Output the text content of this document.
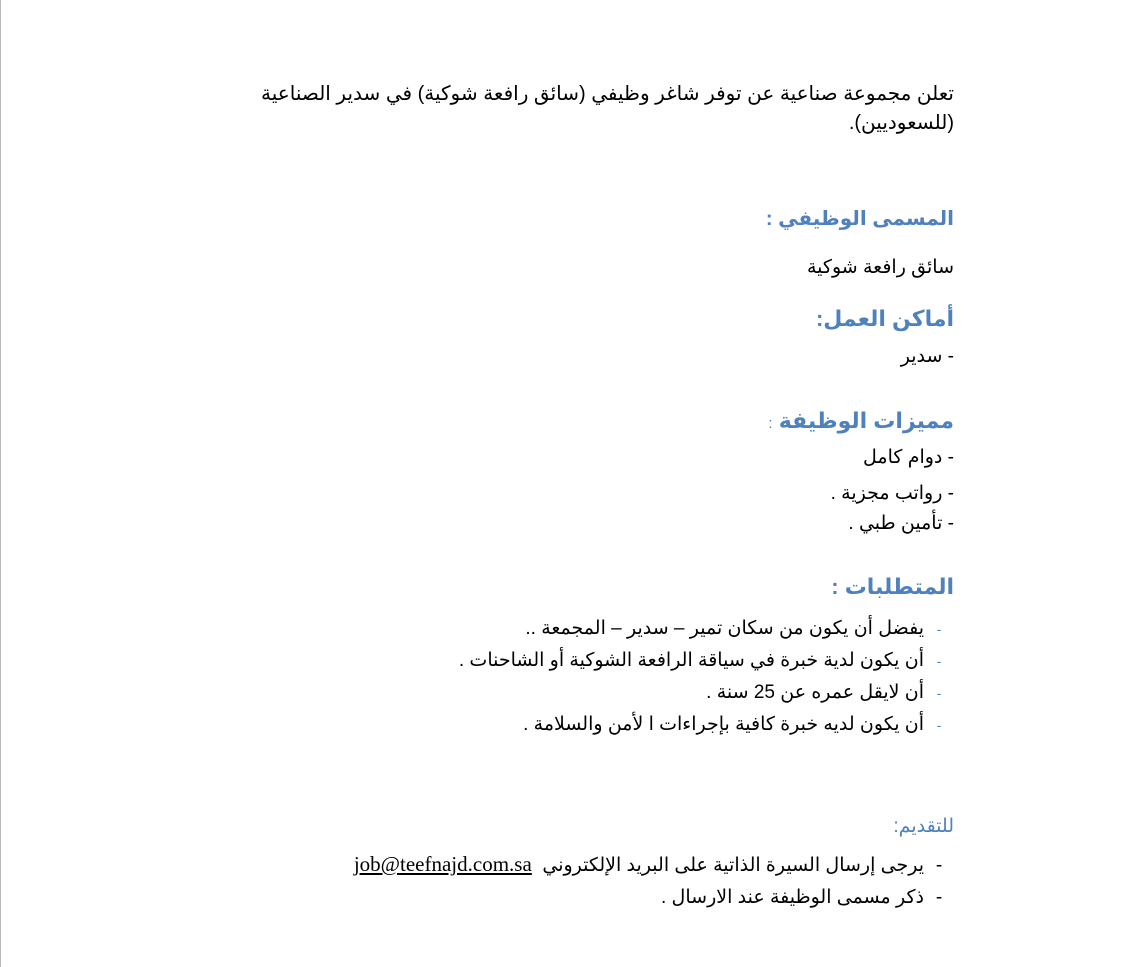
تعلن مجموعة صناعية عن توفر شاغر وظيفي (سائق رافعة شوكية) في سدير الصناعية (للسعوديين).
المسمى الوظيفي :
سائق رافعة شوكية
أماكن العمل:
- سدير
مميزات الوظيفة :
- دوام كامل
- رواتب مجزية .
- تأمين طبي .
المتطلبات :
-يفضل أن يكون من سكان تمير – سدير – المجمعة ..
-أن يكون لدية خبرة في سياقة الرافعة الشوكية أو الشاحنات .
-أن لايقل عمره عن 25 سنة .
-أن يكون لديه خبرة كافية بإجراءات ا لأمن والسلامة .
للتقديم:
-يرجى إرسال السيرة الذاتية على البريد الإلكتروني  job@teefnajd.com.sa
-ذكر مسمى الوظيفة عند الارسال .
